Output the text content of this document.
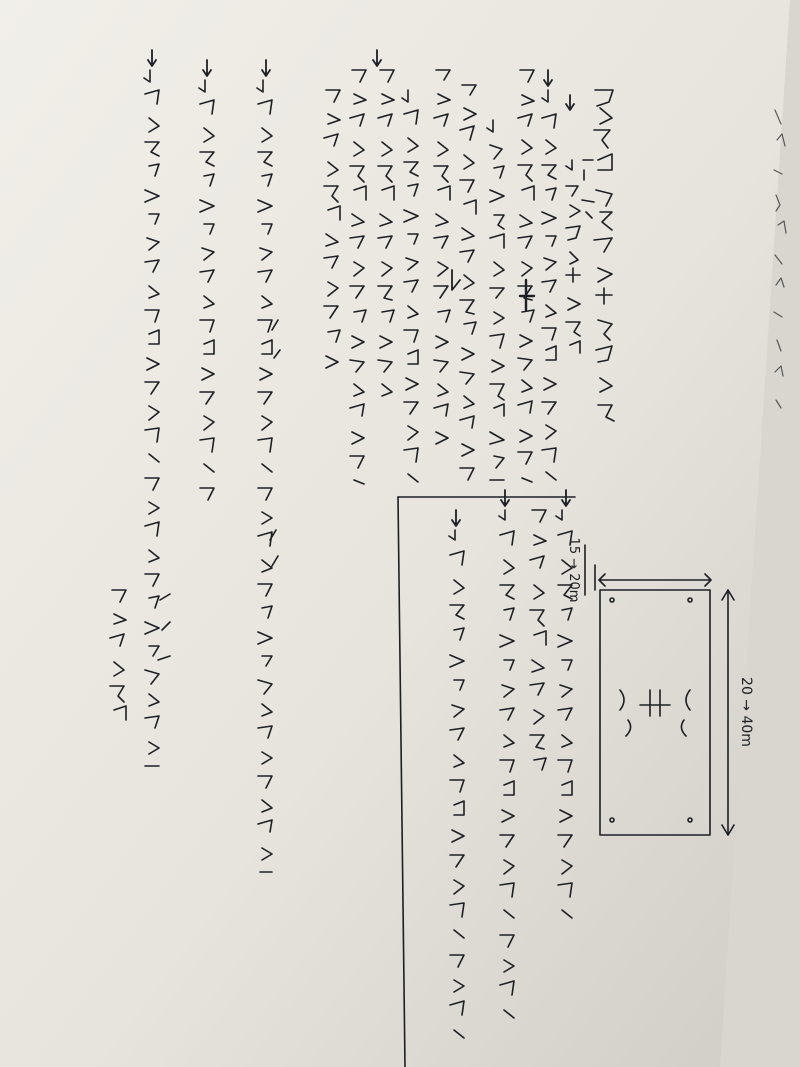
20 → 40m
15 → 20m
